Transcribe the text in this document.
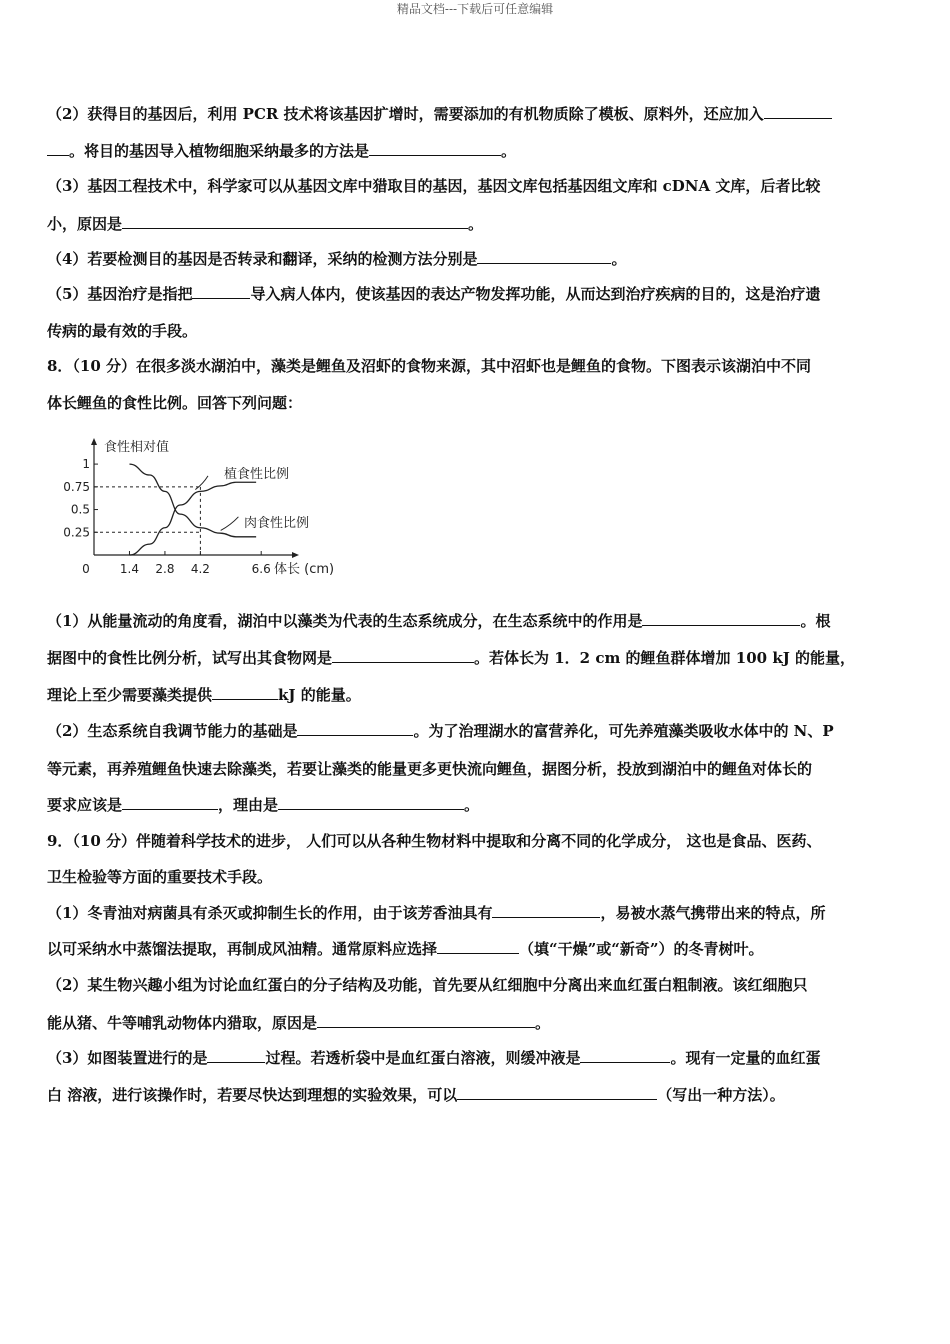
精品文档---下载后可任意编辑
（2）获得目的基因后，利用 PCR 技术将该基因扩增时，需要添加的有机物质除了模板、原料外，还应加入
。将目的基因导入植物细胞采纳最多的方法是	。
（3）基因工程技术中，科学家可以从基因文库中猎取目的基因，基因文库包括基因组文库和 cDNA 文库，后者比较
小，原因是	。
（4）若要检测目的基因是否转录和翻译，采纳的检测方法分别是	。
（5）基因治疗是指把	导入病人体内，使该基因的表达产物发挥功能，从而达到治疗疾病的目的，这是治疗遗
传病的最有效的手段。
8．（10 分）在很多淡水湖泊中，藻类是鲤鱼及沼虾的食物来源，其中沼虾也是鲤鱼的食物。下图表示该湖泊中不同
体长鲤鱼的食性比例。回答下列问题：
食性相对值
体长 (cm)
植食性比例
肉食性比例
0.25
0.5
0.75
1
0	1.4 2.8 4.2	6.6
（1）从能量流动的角度看，湖泊中以藻类为代表的生态系统成分，在生态系统中的作用是	。根
据图中的食性比例分析，试写出其食物网是	。若体长为 1．2 cm 的鲤鱼群体增加 100 kJ 的能量，
理论上至少需要藻类提供	kJ 的能量。
（2）生态系统自我调节能力的基础是	。为了治理湖水的富营养化，可先养殖藻类吸收水体中的 N、P
等元素，再养殖鲤鱼快速去除藻类，若要让藻类的能量更多更快流向鲤鱼，据图分析，投放到湖泊中的鲤鱼对体长的
要求应该是	，理由是	。
9．（10 分）伴随着科学技术的进步， 人们可以从各种生物材料中提取和分离不同的化学成分， 这也是食品、医药、
卫生检验等方面的重要技术手段。
（1）冬青油对病菌具有杀灭或抑制生长的作用，由于该芳香油具有	，易被水蒸气携带出来的特点，所
以可采纳水中蒸馏法提取，再制成风油精。通常原料应选择	（填“干燥”或“新奇”）的冬青树叶。
（2）某生物兴趣小组为讨论血红蛋白的分子结构及功能，首先要从红细胞中分离出来血红蛋白粗制液。该红细胞只
能从猪、牛等哺乳动物体内猎取，原因是	。
（3）如图装置进行的是	过程。若透析袋中是血红蛋白溶液，则缓冲液是	。现有一定量的血红蛋
白 溶液，进行该操作时，若要尽快达到理想的实验效果，可以	（写出一种方法）。
